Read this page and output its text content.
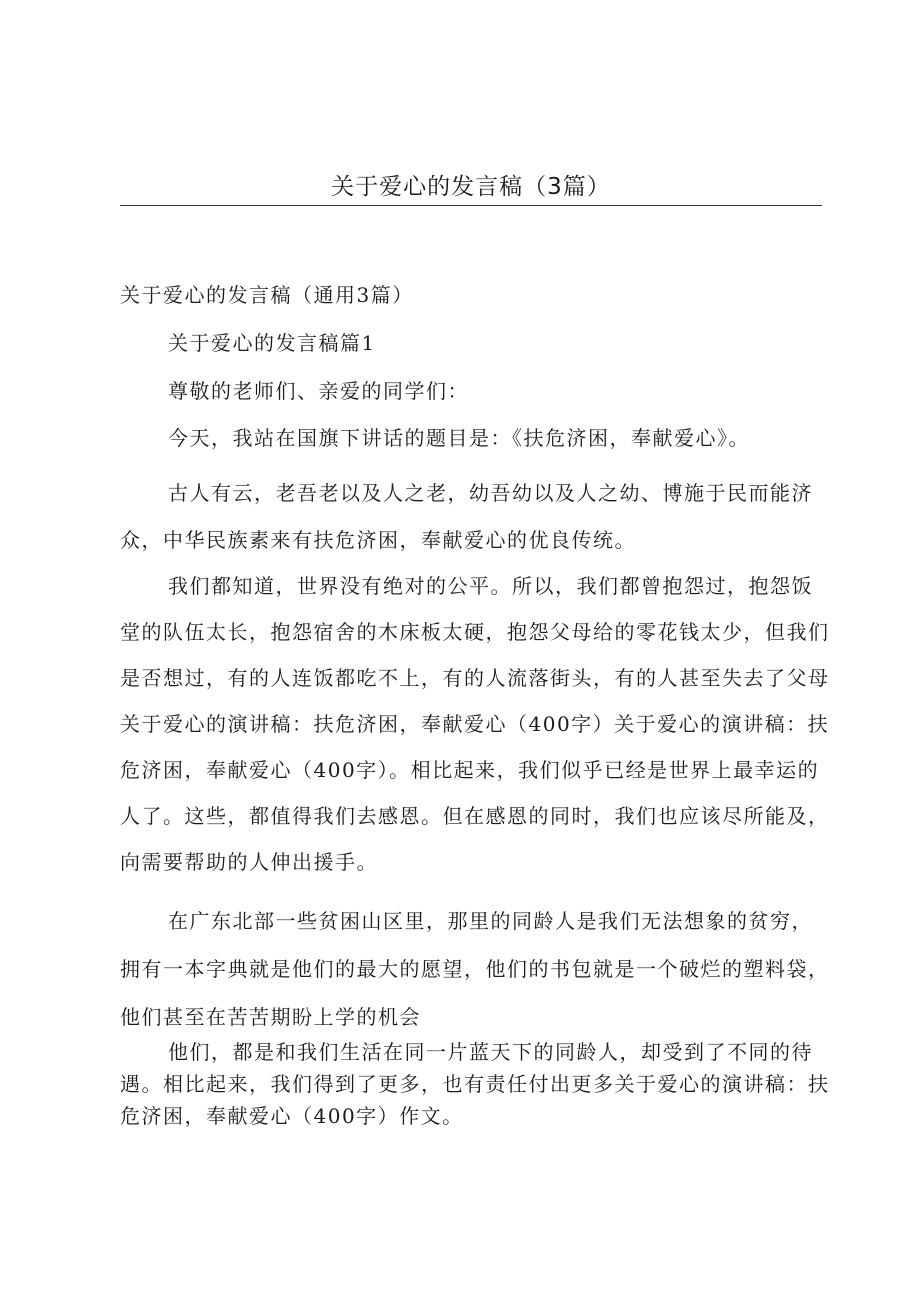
关于爱心的发言稿（3篇）

关于爱心的发言稿（通用3篇）

关于爱心的发言稿篇1

尊敬的老师们、亲爱的同学们：

今天，我站在国旗下讲话的题目是：《扶危济困，奉献爱心》。

古人有云，老吾老以及人之老，幼吾幼以及人之幼、博施于民而能济众，中华民族素来有扶危济困，奉献爱心的优良传统。

我们都知道，世界没有绝对的公平。所以，我们都曾抱怨过，抱怨饭堂的队伍太长，抱怨宿舍的木床板太硬，抱怨父母给的零花钱太少，但我们是否想过，有的人连饭都吃不上，有的人流落街头，有的人甚至失去了父母关于爱心的演讲稿：扶危济困，奉献爱心（400字）关于爱心的演讲稿：扶危济困，奉献爱心（400字）。相比起来，我们似乎已经是世界上最幸运的人了。这些，都值得我们去感恩。但在感恩的同时，我们也应该尽所能及，向需要帮助的人伸出援手。

在广东北部一些贫困山区里，那里的同龄人是我们无法想象的贫穷，拥有一本字典就是他们的最大的愿望，他们的书包就是一个破烂的塑料袋，他们甚至在苦苦期盼上学的机会

他们，都是和我们生活在同一片蓝天下的同龄人，却受到了不同的待遇。相比起来，我们得到了更多，也有责任付出更多关于爱心的演讲稿：扶危济困，奉献爱心（400字）作文。
